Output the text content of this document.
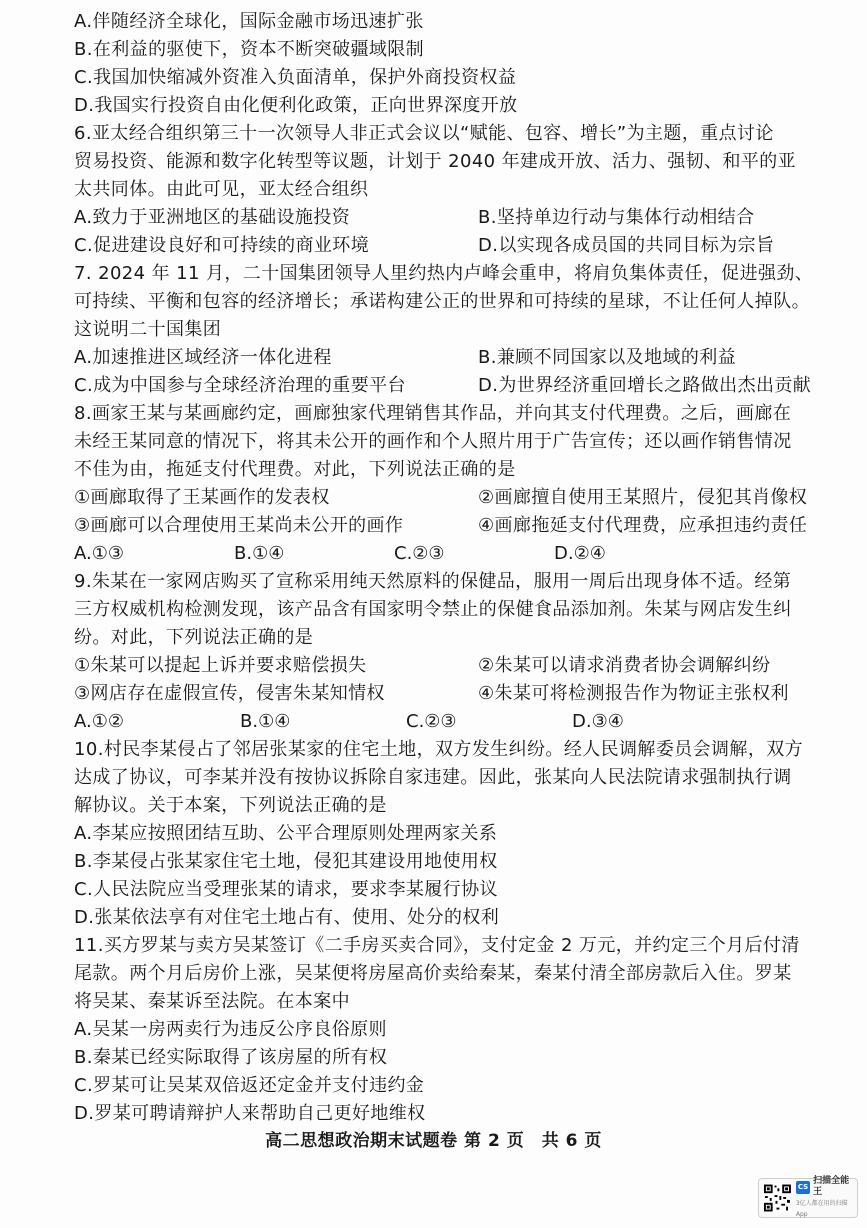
A.伴随经济全球化，国际金融市场迅速扩张
B.在利益的驱使下，资本不断突破疆域限制
C.我国加快缩减外资准入负面清单，保护外商投资权益
D.我国实行投资自由化便利化政策，正向世界深度开放
6.亚太经合组织第三十一次领导人非正式会议以“赋能、包容、增长”为主题，重点讨论
贸易投资、能源和数字化转型等议题，计划于 2040 年建成开放、活力、强韧、和平的亚
太共同体。由此可见，亚太经合组织
A.致力于亚洲地区的基础设施投资	B.坚持单边行动与集体行动相结合
C.促进建设良好和可持续的商业环境	D.以实现各成员国的共同目标为宗旨
7. 2024 年 11 月，二十国集团领导人里约热内卢峰会重申，将肩负集体责任，促进强劲、
可持续、平衡和包容的经济增长；承诺构建公正的世界和可持续的星球，不让任何人掉队。
这说明二十国集团
A.加速推进区域经济一体化进程	B.兼顾不同国家以及地域的利益
C.成为中国参与全球经济治理的重要平台	D.为世界经济重回增长之路做出杰出贡献
8.画家王某与某画廊约定，画廊独家代理销售其作品，并向其支付代理费。之后，画廊在
未经王某同意的情况下，将其未公开的画作和个人照片用于广告宣传；还以画作销售情况
不佳为由，拖延支付代理费。对此，下列说法正确的是
①画廊取得了王某画作的发表权	②画廊擅自使用王某照片，侵犯其肖像权
③画廊可以合理使用王某尚未公开的画作	④画廊拖延支付代理费，应承担违约责任
A.①③	B.①④	C.②③	D.②④
9.朱某在一家网店购买了宣称采用纯天然原料的保健品，服用一周后出现身体不适。经第
三方权威机构检测发现，该产品含有国家明令禁止的保健食品添加剂。朱某与网店发生纠
纷。对此，下列说法正确的是
①朱某可以提起上诉并要求赔偿损失	②朱某可以请求消费者协会调解纠纷
③网店存在虚假宣传，侵害朱某知情权	④朱某可将检测报告作为物证主张权利
A.①②	B.①④	C.②③	D.③④
10.村民李某侵占了邻居张某家的住宅土地，双方发生纠纷。经人民调解委员会调解，双方
达成了协议，可李某并没有按协议拆除自家违建。因此，张某向人民法院请求强制执行调
解协议。关于本案，下列说法正确的是
A.李某应按照团结互助、公平合理原则处理两家关系
B.李某侵占张某家住宅土地，侵犯其建设用地使用权
C.人民法院应当受理张某的请求，要求李某履行协议
D.张某依法享有对住宅土地占有、使用、处分的权利
11.买方罗某与卖方吴某签订《二手房买卖合同》，支付定金 2 万元，并约定三个月后付清
尾款。两个月后房价上涨，吴某便将房屋高价卖给秦某，秦某付清全部房款后入住。罗某
将吴某、秦某诉至法院。在本案中
A.吴某一房两卖行为违反公序良俗原则
B.秦某已经实际取得了该房屋的所有权
C.罗某可让吴某双倍返还定金并支付违约金
D.罗某可聘请辩护人来帮助自己更好地维权
高二思想政治期末试题卷 第 2 页　共 6 页
CS
扫描全能王
3亿人都在用的扫描App
